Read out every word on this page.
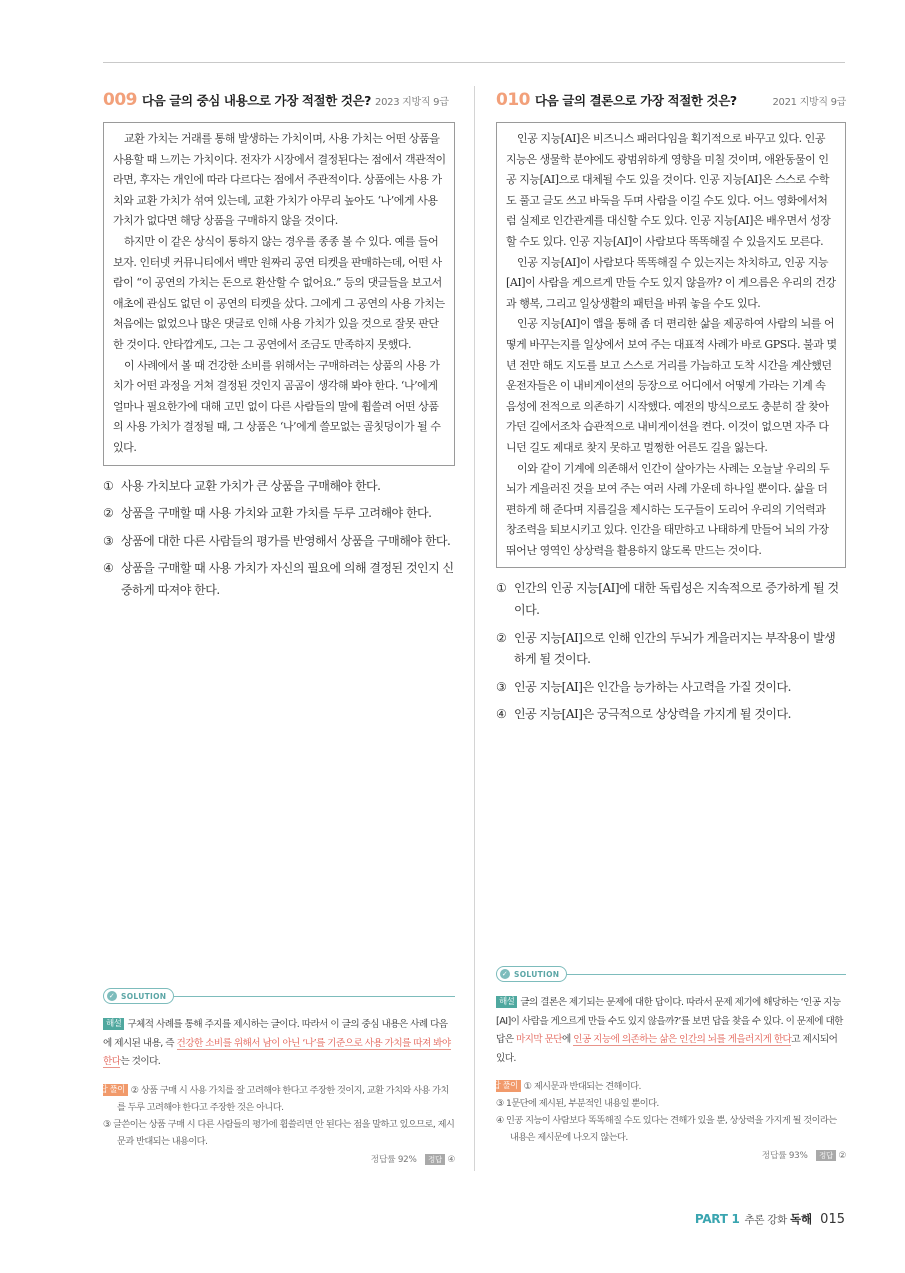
009 다음 글의 중심 내용으로 가장 적절한 것은? 2023 지방직 9급

교환 가치는 거래를 통해 발생하는 가치이며, 사용 가치는 어떤 상품을 사용할 때 느끼는 가치이다. 전자가 시장에서 결정된다는 점에서 객관적이라면, 후자는 개인에 따라 다르다는 점에서 주관적이다. 상품에는 사용 가치와 교환 가치가 섞여 있는데, 교환 가치가 아무리 높아도 ‘나’에게 사용 가치가 없다면 해당 상품을 구매하지 않을 것이다.

하지만 이 같은 상식이 통하지 않는 경우를 종종 볼 수 있다. 예를 들어 보자. 인터넷 커뮤니티에서 백만 원짜리 공연 티켓을 판매하는데, 어떤 사람이 “이 공연의 가치는 돈으로 환산할 수 없어요.” 등의 댓글들을 보고서 애초에 관심도 없던 이 공연의 티켓을 샀다. 그에게 그 공연의 사용 가치는 처음에는 없었으나 많은 댓글로 인해 사용 가치가 있을 것으로 잘못 판단한 것이다. 안타깝게도, 그는 그 공연에서 조금도 만족하지 못했다.

이 사례에서 볼 때 건강한 소비를 위해서는 구매하려는 상품의 사용 가치가 어떤 과정을 거쳐 결정된 것인지 곰곰이 생각해 봐야 한다. ‘나’에게 얼마나 필요한가에 대해 고민 없이 다른 사람들의 말에 휩쓸려 어떤 상품의 사용 가치가 결정될 때, 그 상품은 ‘나’에게 쓸모없는 골칫덩이가 될 수 있다.

① 사용 가치보다 교환 가치가 큰 상품을 구매해야 한다.
② 상품을 구매할 때 사용 가치와 교환 가치를 두루 고려해야 한다.
③ 상품에 대한 다른 사람들의 평가를 반영해서 상품을 구매해야 한다.
④ 상품을 구매할 때 사용 가치가 자신의 필요에 의해 결정된 것인지 신중하게 따져야 한다.
010 다음 글의 결론으로 가장 적절한 것은?	2021 지방직 9급

인공 지능[AI]은 비즈니스 패러다임을 획기적으로 바꾸고 있다. 인공 지능은 생물학 분야에도 광범위하게 영향을 미칠 것이며, 애완동물이 인공 지능[AI]으로 대체될 수도 있을 것이다. 인공 지능[AI]은 스스로 수학도 풀고 글도 쓰고 바둑을 두며 사람을 이길 수도 있다. 어느 영화에서처럼 실제로 인간관계를 대신할 수도 있다. 인공 지능[AI]은 배우면서 성장할 수도 있다. 인공 지능[AI]이 사람보다 똑똑해질 수 있을지도 모른다.

인공 지능[AI]이 사람보다 똑똑해질 수 있는지는 차치하고, 인공 지능[AI]이 사람을 게으르게 만들 수도 있지 않을까? 이 게으름은 우리의 건강과 행복, 그리고 일상생활의 패턴을 바꿔 놓을 수도 있다.

인공 지능[AI]이 앱을 통해 좀 더 편리한 삶을 제공하여 사람의 뇌를 어떻게 바꾸는지를 일상에서 보여 주는 대표적 사례가 바로 GPS다. 불과 몇 년 전만 해도 지도를 보고 스스로 거리를 가늠하고 도착 시간을 계산했던 운전자들은 이 내비게이션의 등장으로 어디에서 어떻게 가라는 기계 속 음성에 전적으로 의존하기 시작했다. 예전의 방식으로도 충분히 잘 찾아가던 길에서조차 습관적으로 내비게이션을 켠다. 이것이 없으면 자주 다니던 길도 제대로 찾지 못하고 멀쩡한 어른도 길을 잃는다.

이와 같이 기계에 의존해서 인간이 살아가는 사례는 오늘날 우리의 두뇌가 게을러진 것을 보여 주는 여러 사례 가운데 하나일 뿐이다. 삶을 더 편하게 해 준다며 지름길을 제시하는 도구들이 도리어 우리의 기억력과 창조력을 퇴보시키고 있다. 인간을 태만하고 나태하게 만들어 뇌의 가장 뛰어난 영역인 상상력을 활용하지 않도록 만드는 것이다.

① 인간의 인공 지능[AI]에 대한 독립성은 지속적으로 증가하게 될 것이다.
② 인공 지능[AI]으로 인해 인간의 두뇌가 게을러지는 부작용이 발생하게 될 것이다.
③ 인공 지능[AI]은 인간을 능가하는 사고력을 가질 것이다.
④ 인공 지능[AI]은 궁극적으로 상상력을 가지게 될 것이다.
✓ SOLUTION
해설 구체적 사례를 통해 주지를 제시하는 글이다. 따라서 이 글의 중심 내용은 사례 다음에 제시된 내용, 즉 건강한 소비를 위해서 남이 아닌 ‘나’를 기준으로 사용 가치를 따져 봐야 한다는 것이다.
오답 풀이 ② 상품 구매 시 사용 가치를 잘 고려해야 한다고 주장한 것이지, 교환 가치와 사용 가치를 두루 고려해야 한다고 주장한 것은 아니다.
③ 글쓴이는 상품 구매 시 다른 사람들의 평가에 휩쓸리면 안 된다는 점을 말하고 있으므로, 제시문과 반대되는 내용이다.
정답률 92% 정답 ④
✓ SOLUTION
해설 글의 결론은 제기되는 문제에 대한 답이다. 따라서 문제 제기에 해당하는 ‘인공 지능[AI]이 사람을 게으르게 만들 수도 있지 않을까?’를 보면 답을 찾을 수 있다. 이 문제에 대한 답은 마지막 문단에 인공 지능에 의존하는 삶은 인간의 뇌를 게을러지게 한다고 제시되어 있다.
오답 풀이 ① 제시문과 반대되는 견해이다.
③ 1문단에 제시된, 부분적인 내용일 뿐이다.
④ 인공 지능이 사람보다 똑똑해질 수도 있다는 견해가 있을 뿐, 상상력을 가지게 될 것이라는 내용은 제시문에 나오지 않는다.
정답률 93% 정답 ②
PART 1 추론 강화 독해 015
